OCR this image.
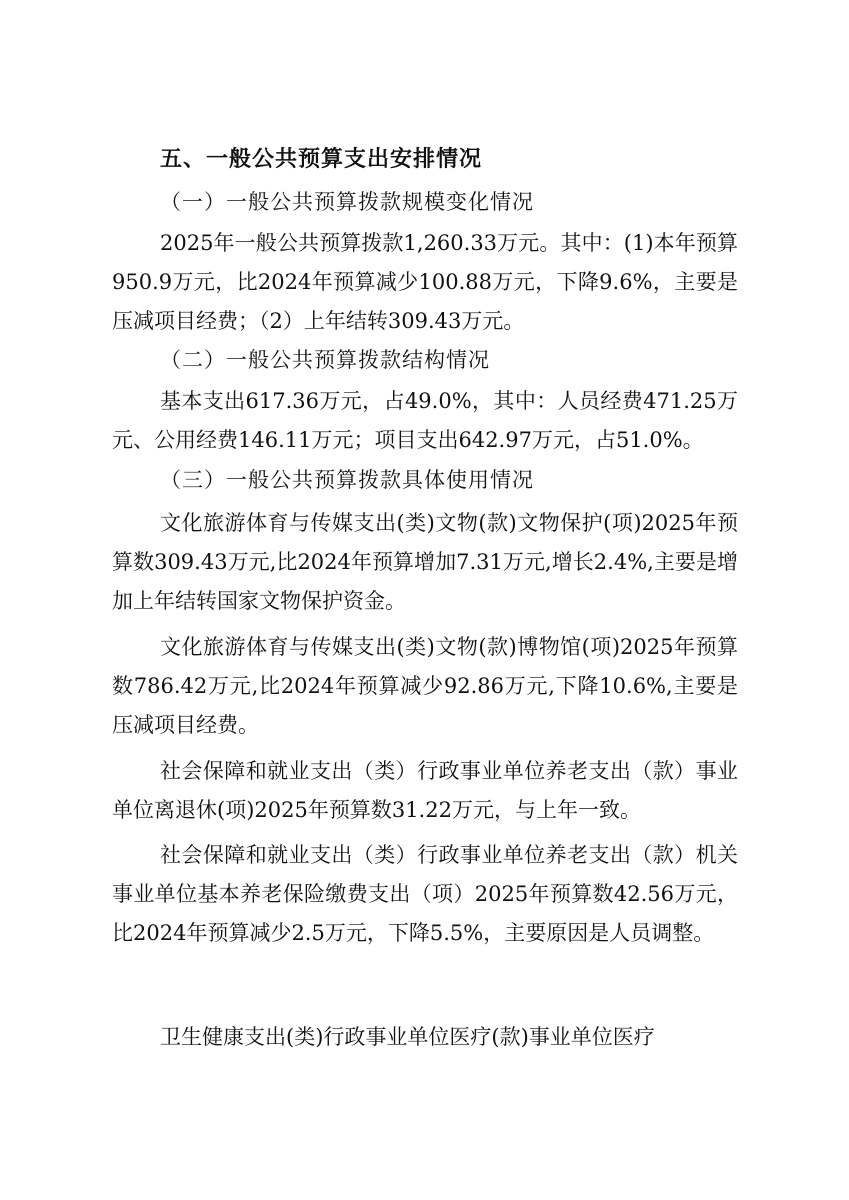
五、一般公共预算支出安排情况
（一）一般公共预算拨款规模变化情况

2025年一般公共预算拨款1,260.33万元。其中：(1)本年预算950.9万元，比2024年预算减少100.88万元，下降9.6%，主要是压减项目经费；（2）上年结转309.43万元。

（二）一般公共预算拨款结构情况

基本支出617.36万元，占49.0%，其中：人员经费471.25万元、公用经费146.11万元；项目支出642.97万元，占51.0%。

（三）一般公共预算拨款具体使用情况

文化旅游体育与传媒支出(类)文物(款)文物保护(项)2025年预算数309.43万元,比2024年预算增加7.31万元,增长2.4%,主要是增加上年结转国家文物保护资金。

文化旅游体育与传媒支出(类)文物(款)博物馆(项)2025年预算数786.42万元,比2024年预算减少92.86万元,下降10.6%,主要是压减项目经费。

社会保障和就业支出（类）行政事业单位养老支出（款）事业单位离退休(项)2025年预算数31.22万元，与上年一致。

社会保障和就业支出（类）行政事业单位养老支出（款）机关事业单位基本养老保险缴费支出（项）2025年预算数42.56万元，比2024年预算减少2.5万元，下降5.5%，主要原因是人员调整。

卫生健康支出(类)行政事业单位医疗(款)事业单位医疗
